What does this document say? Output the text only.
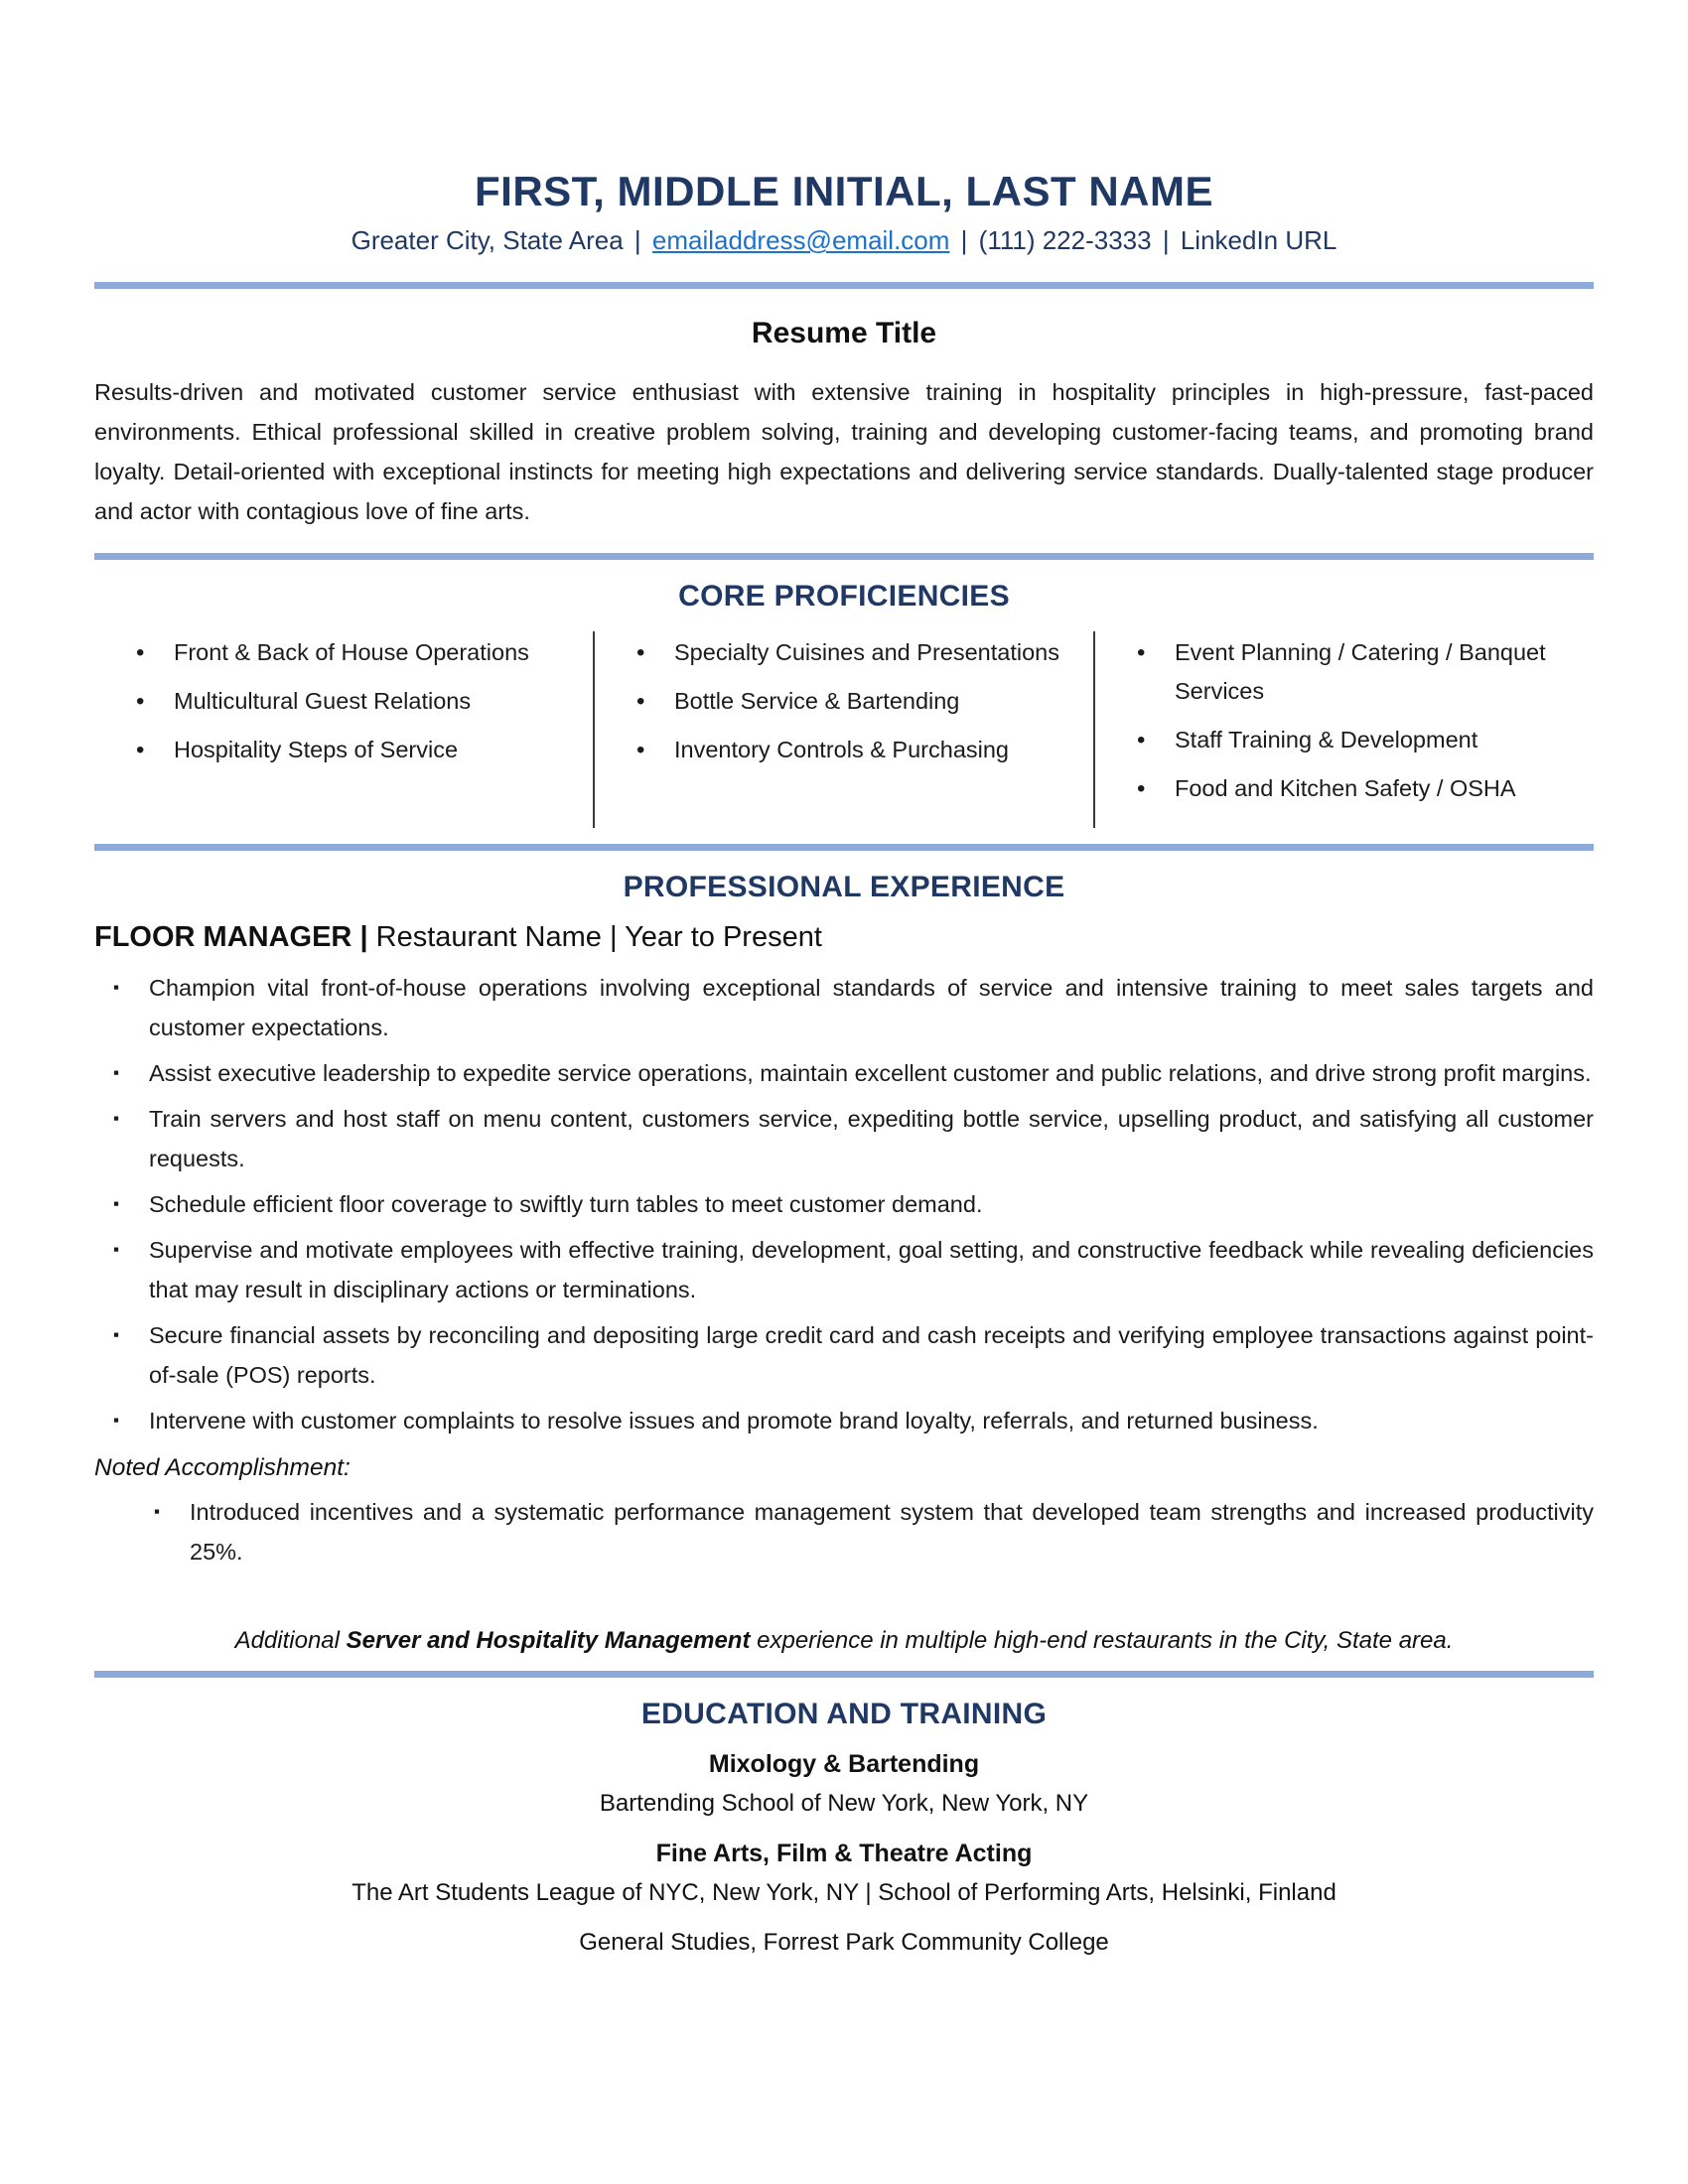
FIRST, MIDDLE INITIAL, LAST NAME
Greater City, State Area | emailaddress@email.com | (111) 222-3333 | LinkedIn URL
Resume Title

Results-driven and motivated customer service enthusiast with extensive training in hospitality principles in high-pressure, fast-paced environments. Ethical professional skilled in creative problem solving, training and developing customer-facing teams, and promoting brand loyalty. Detail-oriented with exceptional instincts for meeting high expectations and delivering service standards. Dually-talented stage producer and actor with contagious love of fine arts.

CORE PROFICIENCIES
•	Front & Back of House Operations
•	Multicultural Guest Relations
•	Hospitality Steps of Service
•	Specialty Cuisines and Presentations
•	Bottle Service & Bartending
•	Inventory Controls & Purchasing
•	Event Planning / Catering / Banquet Services
•	Staff Training & Development
•	Food and Kitchen Safety / OSHA
PROFESSIONAL EXPERIENCE
FLOOR MANAGER | Restaurant Name | Year to Present
▪	Champion vital front-of-house operations involving exceptional standards of service and intensive training to meet sales targets and customer expectations.
▪	Assist executive leadership to expedite service operations, maintain excellent customer and public relations, and drive strong profit margins.
▪	Train servers and host staff on menu content, customers service, expediting bottle service, upselling product, and satisfying all customer requests.
▪	Schedule efficient floor coverage to swiftly turn tables to meet customer demand.
▪	Supervise and motivate employees with effective training, development, goal setting, and constructive feedback while revealing deficiencies that may result in disciplinary actions or terminations.
▪	Secure financial assets by reconciling and depositing large credit card and cash receipts and verifying employee transactions against point-of-sale (POS) reports.
▪	Intervene with customer complaints to resolve issues and promote brand loyalty, referrals, and returned business.
Noted Accomplishment:
▪	Introduced incentives and a systematic performance management system that developed team strengths and increased productivity 25%.

Additional Server and Hospitality Management experience in multiple high-end restaurants in the City, State area.

EDUCATION AND TRAINING

Mixology & Bartending

Bartending School of New York, New York, NY

Fine Arts, Film & Theatre Acting

The Art Students League of NYC, New York, NY | School of Performing Arts, Helsinki, Finland

General Studies, Forrest Park Community College
